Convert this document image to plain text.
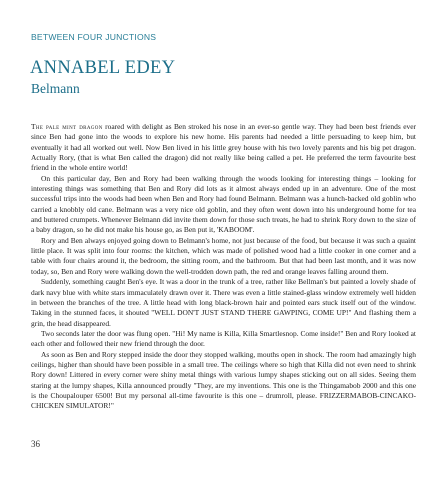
BETWEEN FOUR JUNCTIONS
ANNABEL EDEY
Belmann

The pale mint dragon roared with delight as Ben stroked his nose in an ever-so gentle way. They had been best friends ever since Ben had gone into the woods to explore his new home. His parents had needed a little persuading to keep him, but eventually it had all worked out well. Now Ben lived in his little grey house with his two lovely parents and his big pet dragon. Actually Rory, (that is what Ben called the dragon) did not really like being called a pet. He preferred the term favourite best friend in the whole entire world!

On this particular day, Ben and Rory had been walking through the woods looking for interesting things – looking for interesting things was something that Ben and Rory did lots as it almost always ended up in an adventure. One of the most successful trips into the woods had been when Ben and Rory had found Belmann. Belmann was a hunch-backed old goblin who carried a knobbly old cane. Belmann was a very nice old goblin, and they often went down into his underground home for tea and buttered crumpets. Whenever Belmann did invite them down for those such treats, he had to shrink Rory down to the size of a baby dragon, so he did not make his house go, as Ben put it, 'KABOOM'.

Rory and Ben always enjoyed going down to Belmann's home, not just because of the food, but because it was such a quaint little place. It was split into four rooms: the kitchen, which was made of polished wood had a little cooker in one corner and a table with four chairs around it, the bedroom, the sitting room, and the bathroom. But that had been last month, and it was now today, so, Ben and Rory were walking down the well-trodden down path, the red and orange leaves falling around them.

Suddenly, something caught Ben's eye. It was a door in the trunk of a tree, rather like Bellman's but painted a lovely shade of dark navy blue with white stars immaculately drawn over it. There was even a little stained-glass window extremely well hidden in between the branches of the tree. A little head with long black-brown hair and pointed ears stuck itself out of the window. Taking in the stunned faces, it shouted "WELL DON'T JUST STAND THERE GAWPING, COME UP!" And flashing them a grin, the head disappeared.

Two seconds later the door was flung open. "Hi! My name is Killa, Killa Smartlesnop. Come inside!" Ben and Rory looked at each other and followed their new friend through the door.

As soon as Ben and Rory stepped inside the door they stopped walking, mouths open in shock. The room had amazingly high ceilings, higher than should have been possible in a small tree. The ceilings where so high that Killa did not even need to shrink Rory down! Littered in every corner were shiny metal things with various lumpy shapes sticking out on all sides. Seeing them staring at the lumpy shapes, Killa announced proudly "They, are my inventions. This one is the Thingamabob 2000 and this one is the Choupalouper 6500! But my personal all-time favourite is this one – drumroll, please. FRIZZERMABOB-CINCAKO-CHICKEN SIMULATOR!"

36
